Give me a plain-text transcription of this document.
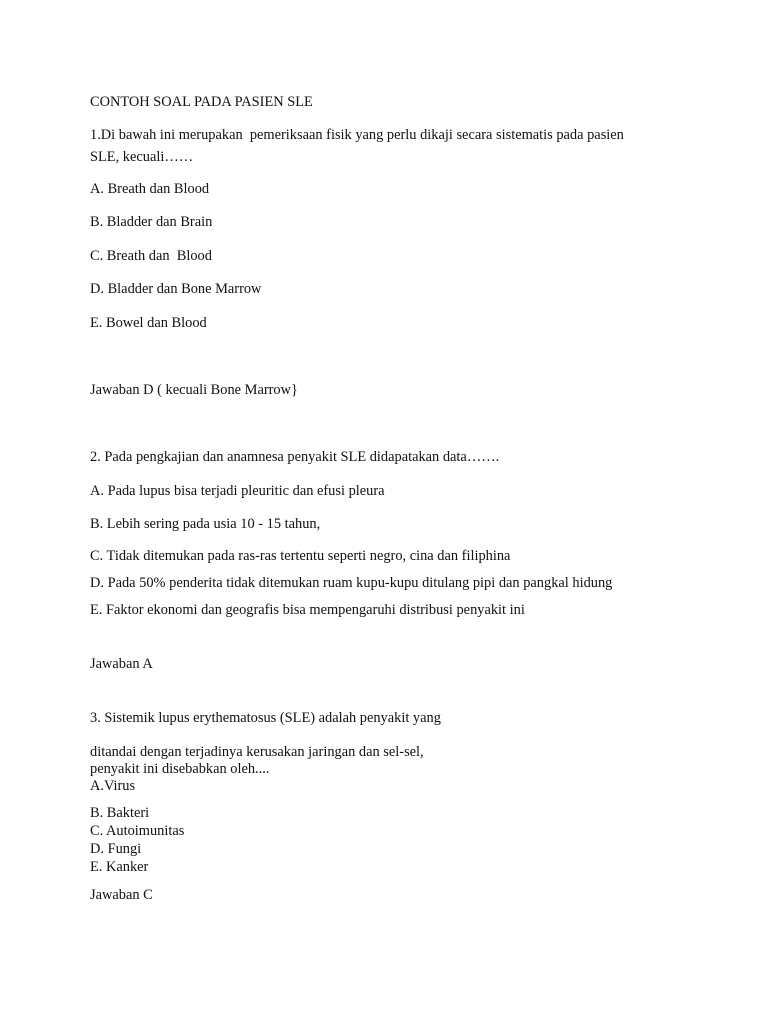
CONTOH SOAL PADA PASIEN SLE

1.Di bawah ini merupakan  pemeriksaan fisik yang perlu dikaji secara sistematis pada pasien

SLE, kecuali……

A. Breath dan Blood

B. Bladder dan Brain

C. Breath dan  Blood

D. Bladder dan Bone Marrow

E. Bowel dan Blood

Jawaban D ( kecuali Bone Marrow}

2. Pada pengkajian dan anamnesa penyakit SLE didapatakan data…….

A. Pada lupus bisa terjadi pleuritic dan efusi pleura

B. Lebih sering pada usia 10 - 15 tahun,

C. Tidak ditemukan pada ras-ras tertentu seperti negro, cina dan filiphina

D. Pada 50% penderita tidak ditemukan ruam kupu-kupu ditulang pipi dan pangkal hidung

E. Faktor ekonomi dan geografis bisa mempengaruhi distribusi penyakit ini

Jawaban A

3. Sistemik lupus erythematosus (SLE) adalah penyakit yang

ditandai dengan terjadinya kerusakan jaringan dan sel-sel,

penyakit ini disebabkan oleh....

A.Virus

B. Bakteri

C. Autoimunitas

D. Fungi

E. Kanker

Jawaban C
